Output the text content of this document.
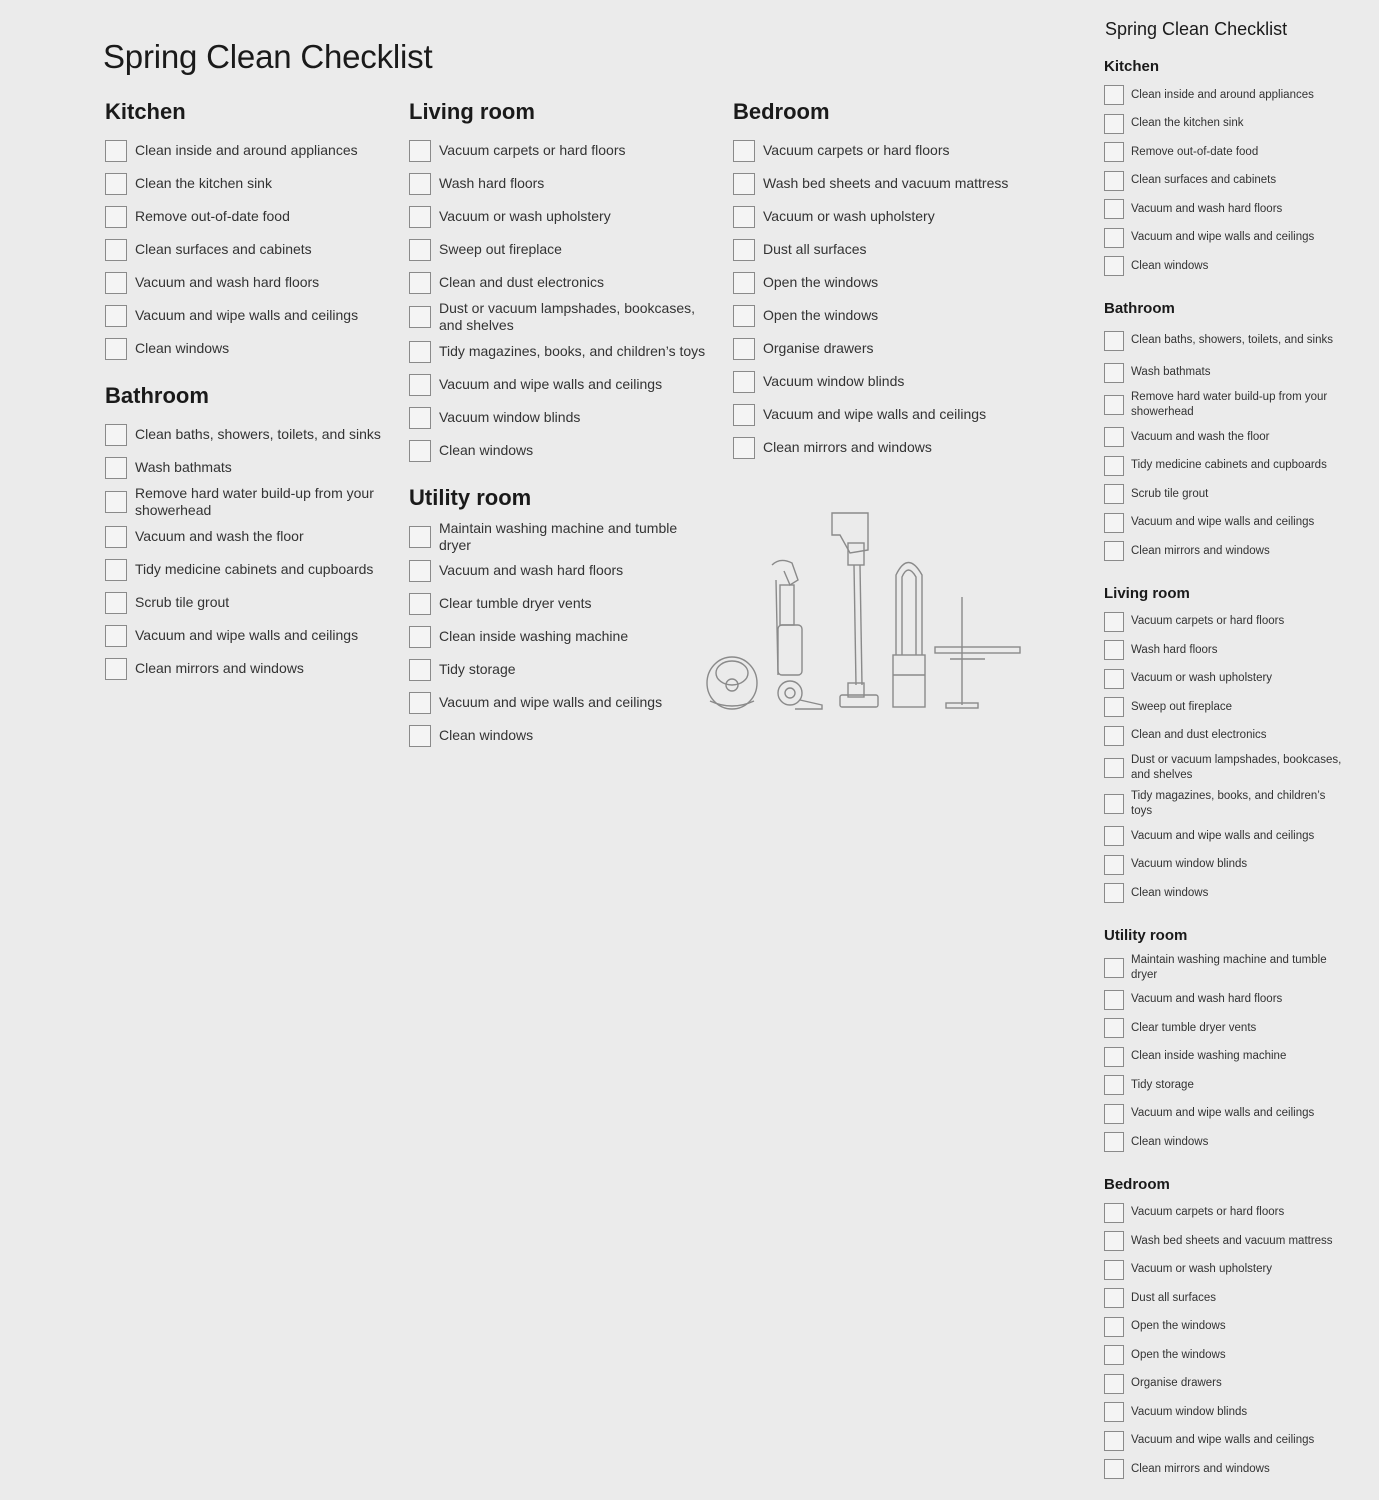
Spring Clean Checklist
Kitchen
Clean inside and around appliances
Clean the kitchen sink
Remove out-of-date food
Clean surfaces and cabinets
Vacuum and wash hard floors
Vacuum and wipe walls and ceilings
Clean windows
Bathroom
Clean baths, showers, toilets, and sinks
Wash bathmats
Remove hard water build-up from your showerhead
Vacuum and wash the floor
Tidy medicine cabinets and cupboards
Scrub tile grout
Vacuum and wipe walls and ceilings
Clean mirrors and windows
Living room
Vacuum carpets or hard floors
Wash hard floors
Vacuum or wash upholstery
Sweep out fireplace
Clean and dust electronics
Dust or vacuum lampshades, bookcases, and shelves
Tidy magazines, books, and children’s toys
Vacuum and wipe walls and ceilings
Vacuum window blinds
Clean windows
Utility room
Maintain washing machine and tumble dryer
Vacuum and wash hard floors
Clear tumble dryer vents
Clean inside washing machine
Tidy storage
Vacuum and wipe walls and ceilings
Clean windows
Bedroom
Vacuum carpets or hard floors
Wash bed sheets and vacuum mattress
Vacuum or wash upholstery
Dust all surfaces
Open the windows
Open the windows
Organise drawers
Vacuum window blinds
Vacuum and wipe walls and ceilings
Clean mirrors and windows
Spring Clean Checklist
Kitchen
Clean inside and around appliances
Clean the kitchen sink
Remove out-of-date food
Clean surfaces and cabinets
Vacuum and wash hard floors
Vacuum and wipe walls and ceilings
Clean windows
Bathroom
Clean baths, showers, toilets, and sinks
Wash bathmats
Remove hard water build-up from your showerhead
Vacuum and wash the floor
Tidy medicine cabinets and cupboards
Scrub tile grout
Vacuum and wipe walls and ceilings
Clean mirrors and windows
Living room
Vacuum carpets or hard floors
Wash hard floors
Vacuum or wash upholstery
Sweep out fireplace
Clean and dust electronics
Dust or vacuum lampshades, bookcases, and shelves
Tidy magazines, books, and children’s toys
Vacuum and wipe walls and ceilings
Vacuum window blinds
Clean windows
Utility room
Maintain washing machine and tumble dryer
Vacuum and wash hard floors
Clear tumble dryer vents
Clean inside washing machine
Tidy storage
Vacuum and wipe walls and ceilings
Clean windows
Bedroom
Vacuum carpets or hard floors
Wash bed sheets and vacuum mattress
Vacuum or wash upholstery
Dust all surfaces
Open the windows
Open the windows
Organise drawers
Vacuum window blinds
Vacuum and wipe walls and ceilings
Clean mirrors and windows
